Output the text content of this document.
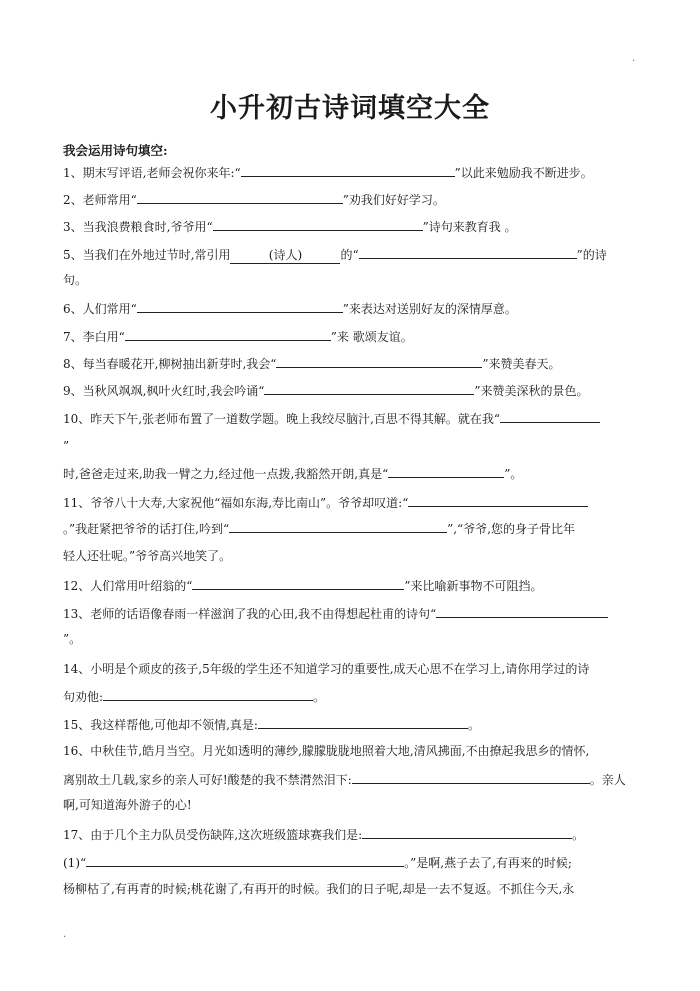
·
小升初古诗词填空大全
我会运用诗句填空:
1、期末写评语,老师会祝你来年:“	”以此来勉励我不断进步。
2、老师常用“	”劝我们好好学习。
3、当我浪费粮食时,爷爷用“	”诗句来教育我 。
5、当我们在外地过节时,常引用	(诗人)	的“	”的诗
句。
6、人们常用“	”来表达对送别好友的深情厚意。
7、李白用“	”来 歌颂友谊。
8、每当春暖花开,柳树抽出新芽时,我会“	”来赞美春天。
9、当秋风飒飒,枫叶火红时,我会吟诵“	”来赞美深秋的景色。
10、昨天下午,张老师布置了一道数学题。晚上我绞尽脑汁,百思不得其解。就在我“
”
时,爸爸走过来,助我一臂之力,经过他一点拨,我豁然开朗,真是“	”。
11、爷爷八十大寿,大家祝他“福如东海,寿比南山”。爷爷却叹道:“
。”我赶紧把爷爷的话打住,吟到“	”,“爷爷,您的身子骨比年
轻人还壮呢。”爷爷高兴地笑了。
12、人们常用叶绍翁的“	”来比喻新事物不可阻挡。
13、老师的话语像春雨一样滋润了我的心田,我不由得想起杜甫的诗句“
”。
14、小明是个顽皮的孩子,5年级的学生还不知道学习的重要性,成天心思不在学习上,请你用学过的诗
句劝他:	。
15、我这样帮他,可他却不领情,真是:	。
16、中秋佳节,皓月当空。月光如透明的薄纱,朦朦胧胧地照着大地,清风拂面,不由撩起我思乡的情怀,
离别故土几载,家乡的亲人可好!酸楚的我不禁潸然泪下:	。亲人
啊,可知道海外游子的心!
17、由于几个主力队员受伤缺阵,这次班级篮球赛我们是:	。
(1)“	。”是啊,燕子去了,有再来的时候;
杨柳枯了,有再青的时候;桃花谢了,有再开的时候。我们的日子呢,却是一去不复返。不抓住今天,永
·
